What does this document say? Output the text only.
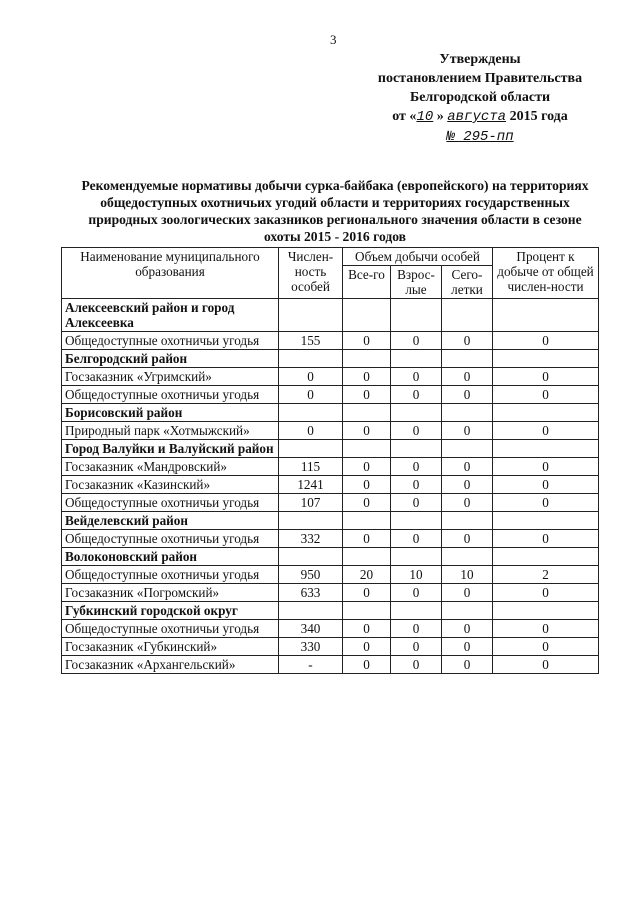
3
Утверждены
постановлением Правительства
Белгородской области
от «10 » августа 2015 года
№ 295-пп
Рекомендуемые нормативы добычи сурка-байбака (европейского) на территориях общедоступных охотничьих угодий области и территориях государственных природных зоологических заказников регионального значения области в сезоне охоты 2015 - 2016 годов
Наименование муниципального образования	Числен-ность особей	Объем добычи особей			Процент к добыче от общей числен-ности
		Все-го	Взрос-лые	Сего-летки	
Алексеевский район и город Алексеевка					
Общедоступные охотничьи угодья	155	0	0	0	0
Белгородский район					
Госзаказник «Угримский»	0	0	0	0	0
Общедоступные охотничьи угодья	0	0	0	0	0
Борисовский район					
Природный парк «Хотмыжский»	0	0	0	0	0
Город Валуйки и Валуйский район					
Госзаказник «Мандровский»	115	0	0	0	0
Госзаказник «Казинский»	1241	0	0	0	0
Общедоступные охотничьи угодья	107	0	0	0	0
Вейделевский район					
Общедоступные охотничьи угодья	332	0	0	0	0
Волоконовский район					
Общедоступные охотничьи угодья	950	20	10	10	2
Госзаказник «Погромский»	633	0	0	0	0
Губкинский городской округ					
Общедоступные охотничьи угодья	340	0	0	0	0
Госзаказник «Губкинский»	330	0	0	0	0
Госзаказник «Архангельский»	-	0	0	0	0
